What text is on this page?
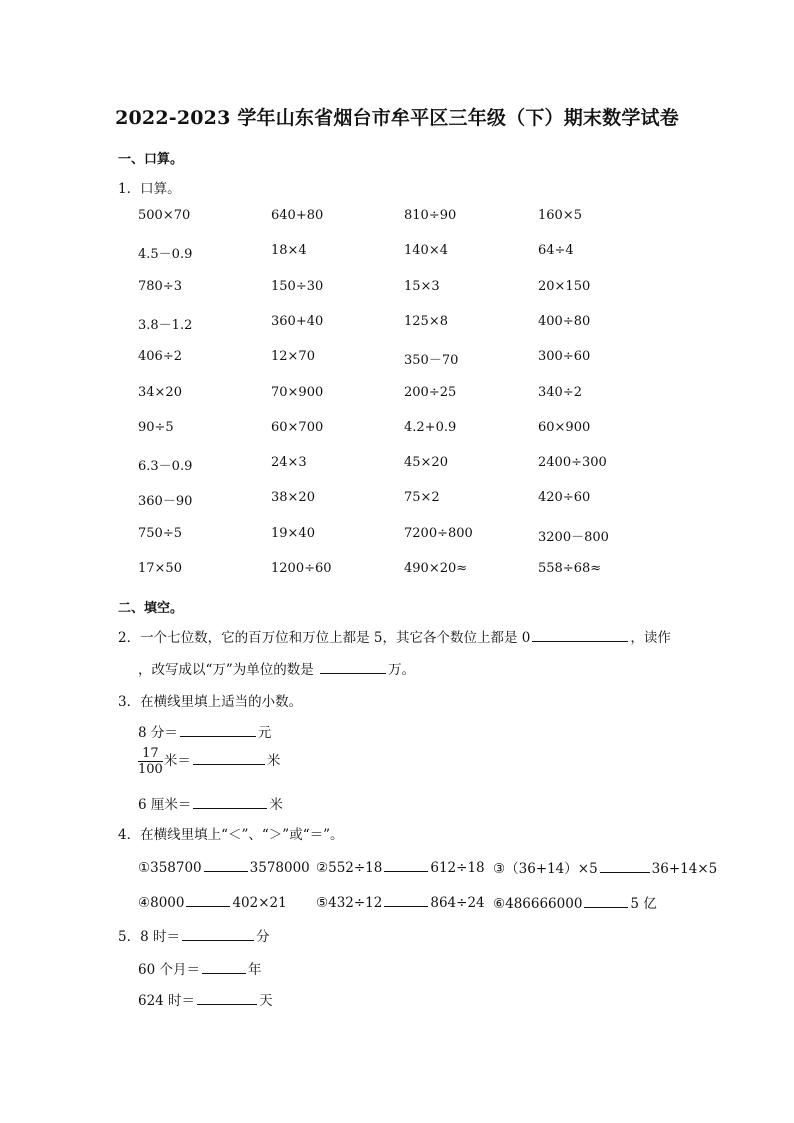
2022-2023 学年山东省烟台市牟平区三年级（下）期末数学试卷
一、口算。
1．口算。
500×70	640+80	810÷90	160×5
4.5－0.9	18×4	140×4	64÷4
780÷3	150÷30	15×3	20×150
3.8－1.2	360+40	125×8	400÷80
406÷2	12×70	350－70	300÷60
34×20	70×900	200÷25	340÷2
90÷5	60×700	4.2+0.9	60×900
6.3－0.9	24×3	45×20	2400÷300
360－90	38×20	75×2	420÷60
750÷5	19×40	7200÷800	3200－800
17×50	1200÷60	490×20≈	558÷68≈
二、填空。
2．一个七位数，它的百万位和万位上都是 5，其它各个数位上都是 0	，读作
，改写成以“万”为单位的数是	万。
3．在横线里填上适当的小数。
8 分＝	元
$\frac{17}{100}$ 米＝	米
6 厘米＝	米
4．在横线里填上“＜”、“＞”或“＝”。
①358700	3578000 ②552÷18	612÷18 ③（36+14）×5	36+14×5
④8000	402×21 ⑤432÷12	864÷24 ⑥486666000	5 亿
5．8 时＝	分
60 个月＝	年
624 时＝	天
